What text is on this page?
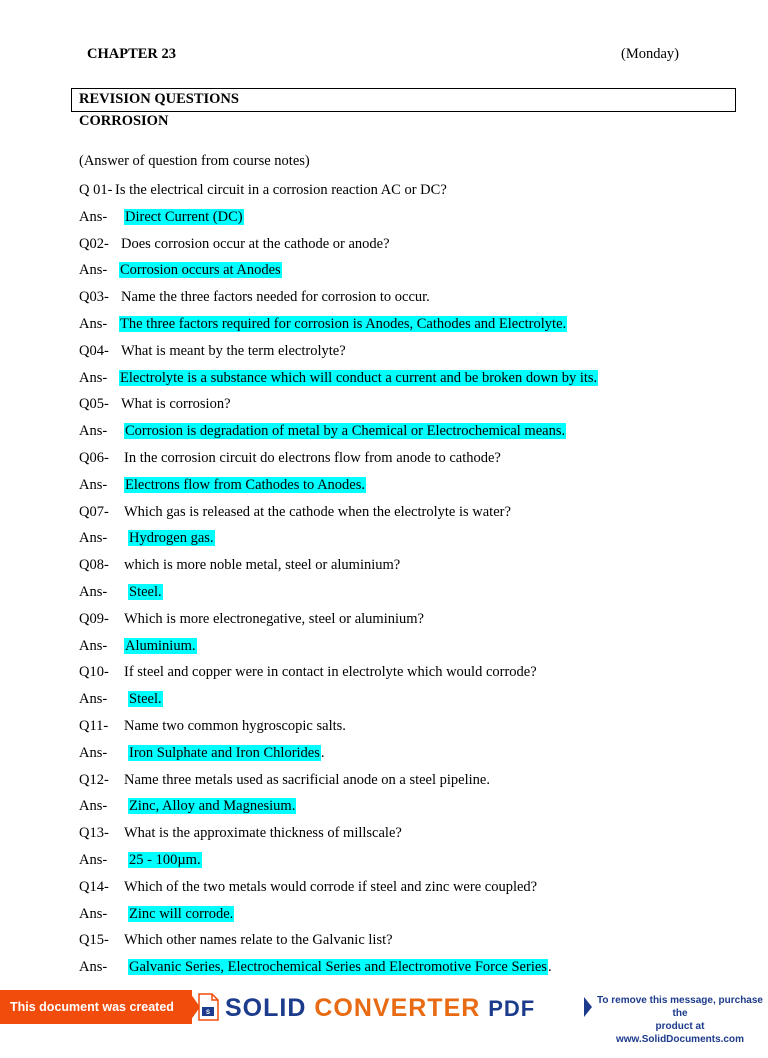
CHAPTER 23	(Monday)
REVISION QUESTIONS
CORROSION
(Answer of question from course notes)
Q 01- Is the electrical circuit in a corrosion reaction AC or DC?
Ans- Direct Current (DC)
Q02- Does corrosion occur at the cathode or anode?
Ans- Corrosion occurs at Anodes
Q03- Name the three factors needed for corrosion to occur.
Ans- The three factors required for corrosion is Anodes, Cathodes and Electrolyte.
Q04- What is meant by the term electrolyte?
Ans- Electrolyte is a substance which will conduct a current and be broken down by its.
Q05- What is corrosion?
Ans- Corrosion is degradation of metal by a Chemical or Electrochemical means.
Q06- In the corrosion circuit do electrons flow from anode to cathode?
Ans- Electrons flow from Cathodes to Anodes.
Q07- Which gas is released at the cathode when the electrolyte is water?
Ans- Hydrogen gas.
Q08- which is more noble metal, steel or aluminium?
Ans- Steel.
Q09- Which is more electronegative, steel or aluminium?
Ans- Aluminium.
Q10- If steel and copper were in contact in electrolyte which would corrode?
Ans- Steel.
Q11- Name two common hygroscopic salts.
Ans- Iron Sulphate and Iron Chlorides.
Q12- Name three metals used as sacrificial anode on a steel pipeline.
Ans- Zinc, Alloy and Magnesium.
Q13- What is the approximate thickness of millscale?
Ans- 25 - 100µm.
Q14- Which of the two metals would corrode if steel and zinc were coupled?
Ans- Zinc will corrode.
Q15- Which other names relate to the Galvanic list?
Ans- Galvanic Series, Electrochemical Series and Electromotive Force Series.
This document was created using
S SOLID CONVERTER PDF	To remove this message, purchase the
product at www.SolidDocuments.com
